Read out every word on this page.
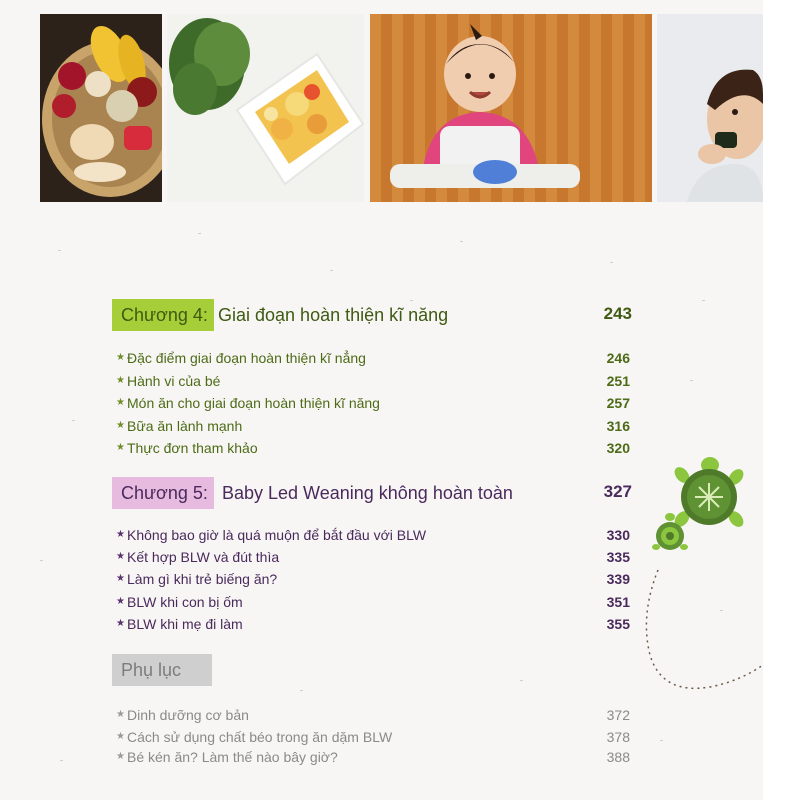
Chương 4: Giai đoạn hoàn thiện kĩ năng	243
★ Đặc điểm giai đoạn hoàn thiện kĩ nẳng	246
★ Hành vi của bé	251
★ Món ăn cho giai đoạn hoàn thiện kĩ năng	257
★ Bữa ăn lành mạnh	316
★ Thực đơn tham khảo	320
Chương 5: Baby Led Weaning không hoàn toàn	327
★ Không bao giờ là quá muộn để bắt đầu với BLW	330
★ Kết hợp BLW và đút thìa	335
★ Làm gì khi trẻ biếng ăn?	339
★ BLW khi con bị ốm	351
★ BLW khi mẹ đi làm	355
Phụ lục
★ Dinh dưỡng cơ bản	372
★ Cách sử dụng chất béo trong ăn dặm BLW	378
★ Bé kén ăn? Làm thế nào bây giờ?	388
